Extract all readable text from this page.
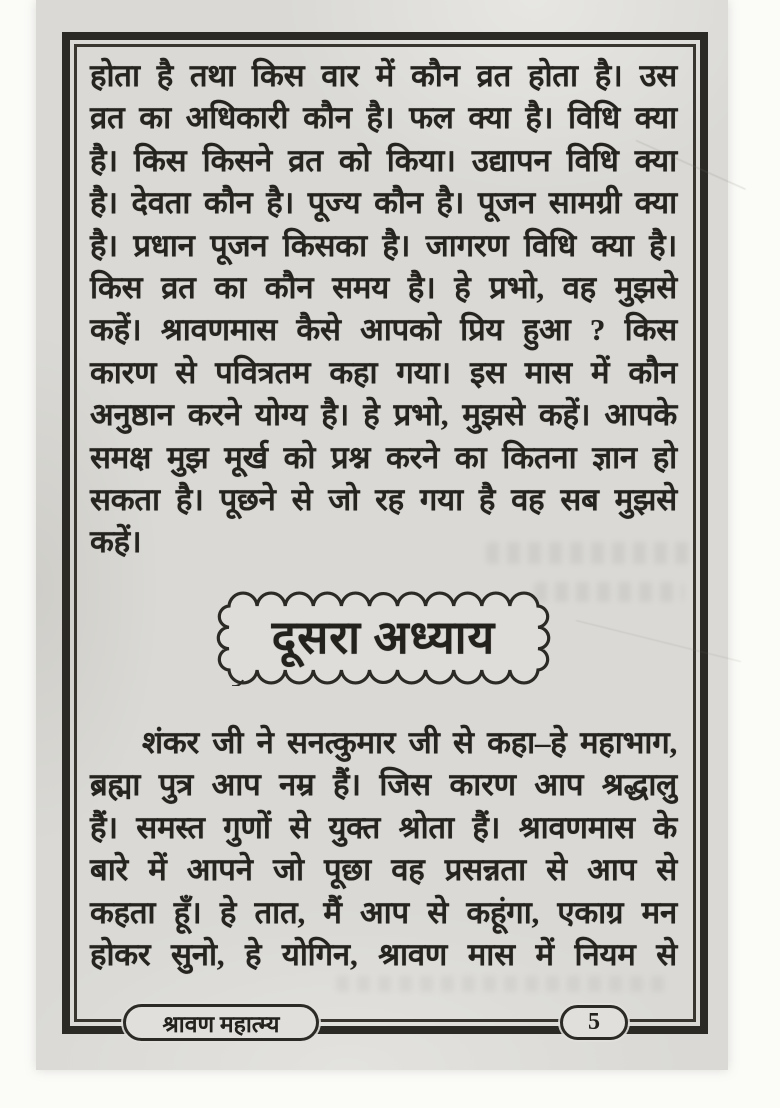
होता है तथा किस वार में कौन व्रत होता है। उस
व्रत का अधिकारी कौन है। फल क्या है। विधि क्या
है। किस किसने व्रत को किया। उद्यापन विधि क्या
है। देवता कौन है। पूज्य कौन है। पूजन सामग्री क्या
है। प्रधान पूजन किसका है। जागरण विधि क्या है।
किस व्रत का कौन समय है। हे प्रभो, वह मुझसे
कहें। श्रावणमास कैसे आपको प्रिय हुआ ? किस
कारण से पवित्रतम कहा गया। इस मास में कौन
अनुष्ठान करने योग्य है। हे प्रभो, मुझसे कहें। आपके
समक्ष मुझ मूर्ख को प्रश्न करने का कितना ज्ञान हो
सकता है। पूछने से जो रह गया है वह सब मुझसे
कहें।
दूसरा अध्याय
शंकर जी ने सनत्कुमार जी से कहा–हे महाभाग,
ब्रह्मा पुत्र आप नम्र हैं। जिस कारण आप श्रद्धालु
हैं। समस्त गुणों से युक्त श्रोता हैं। श्रावणमास के
बारे में आपने जो पूछा वह प्रसन्नता से आप से
कहता हूँ। हे तात, मैं आप से कहूंगा, एकाग्र मन
होकर सुनो, हे योगिन, श्रावण मास में नियम से
श्रावण महात्म्य	5
